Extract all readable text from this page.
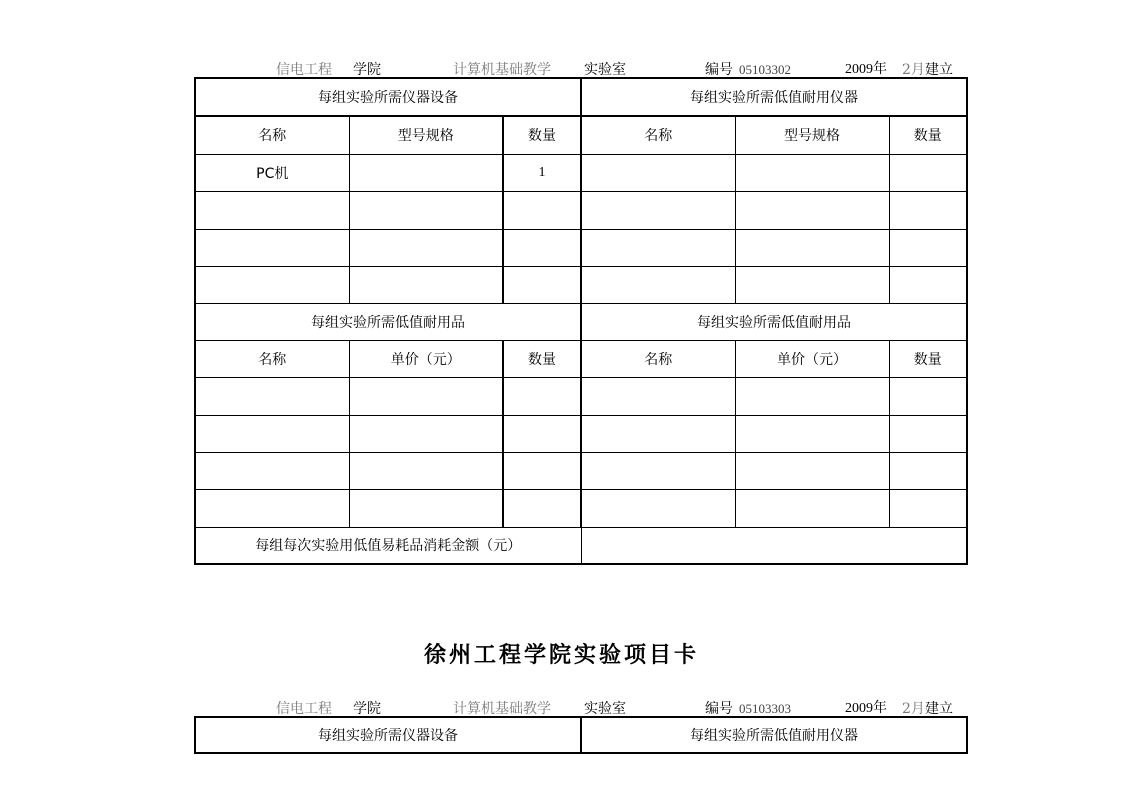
信电工程 学院	计算机基础教学 实验室	编号 05103302	2009年 2月 建立
每组实验所需仪器设备			每组实验所需低值耐用仪器		
名称	型号规格	数量	名称	型号规格	数量
PC机		1			

每组实验所需低值耐用品			每组实验所需低值耐用品		
名称	单价（元）	数量	名称	单价（元）	数量

每组每次实验用低值易耗品消耗金额（元）					
徐州工程学院实验项目卡
信电工程 学院	计算机基础教学 实验室	编号 05103303	2009年 2月 建立
每组实验所需仪器设备	每组实验所需低值耐用仪器
